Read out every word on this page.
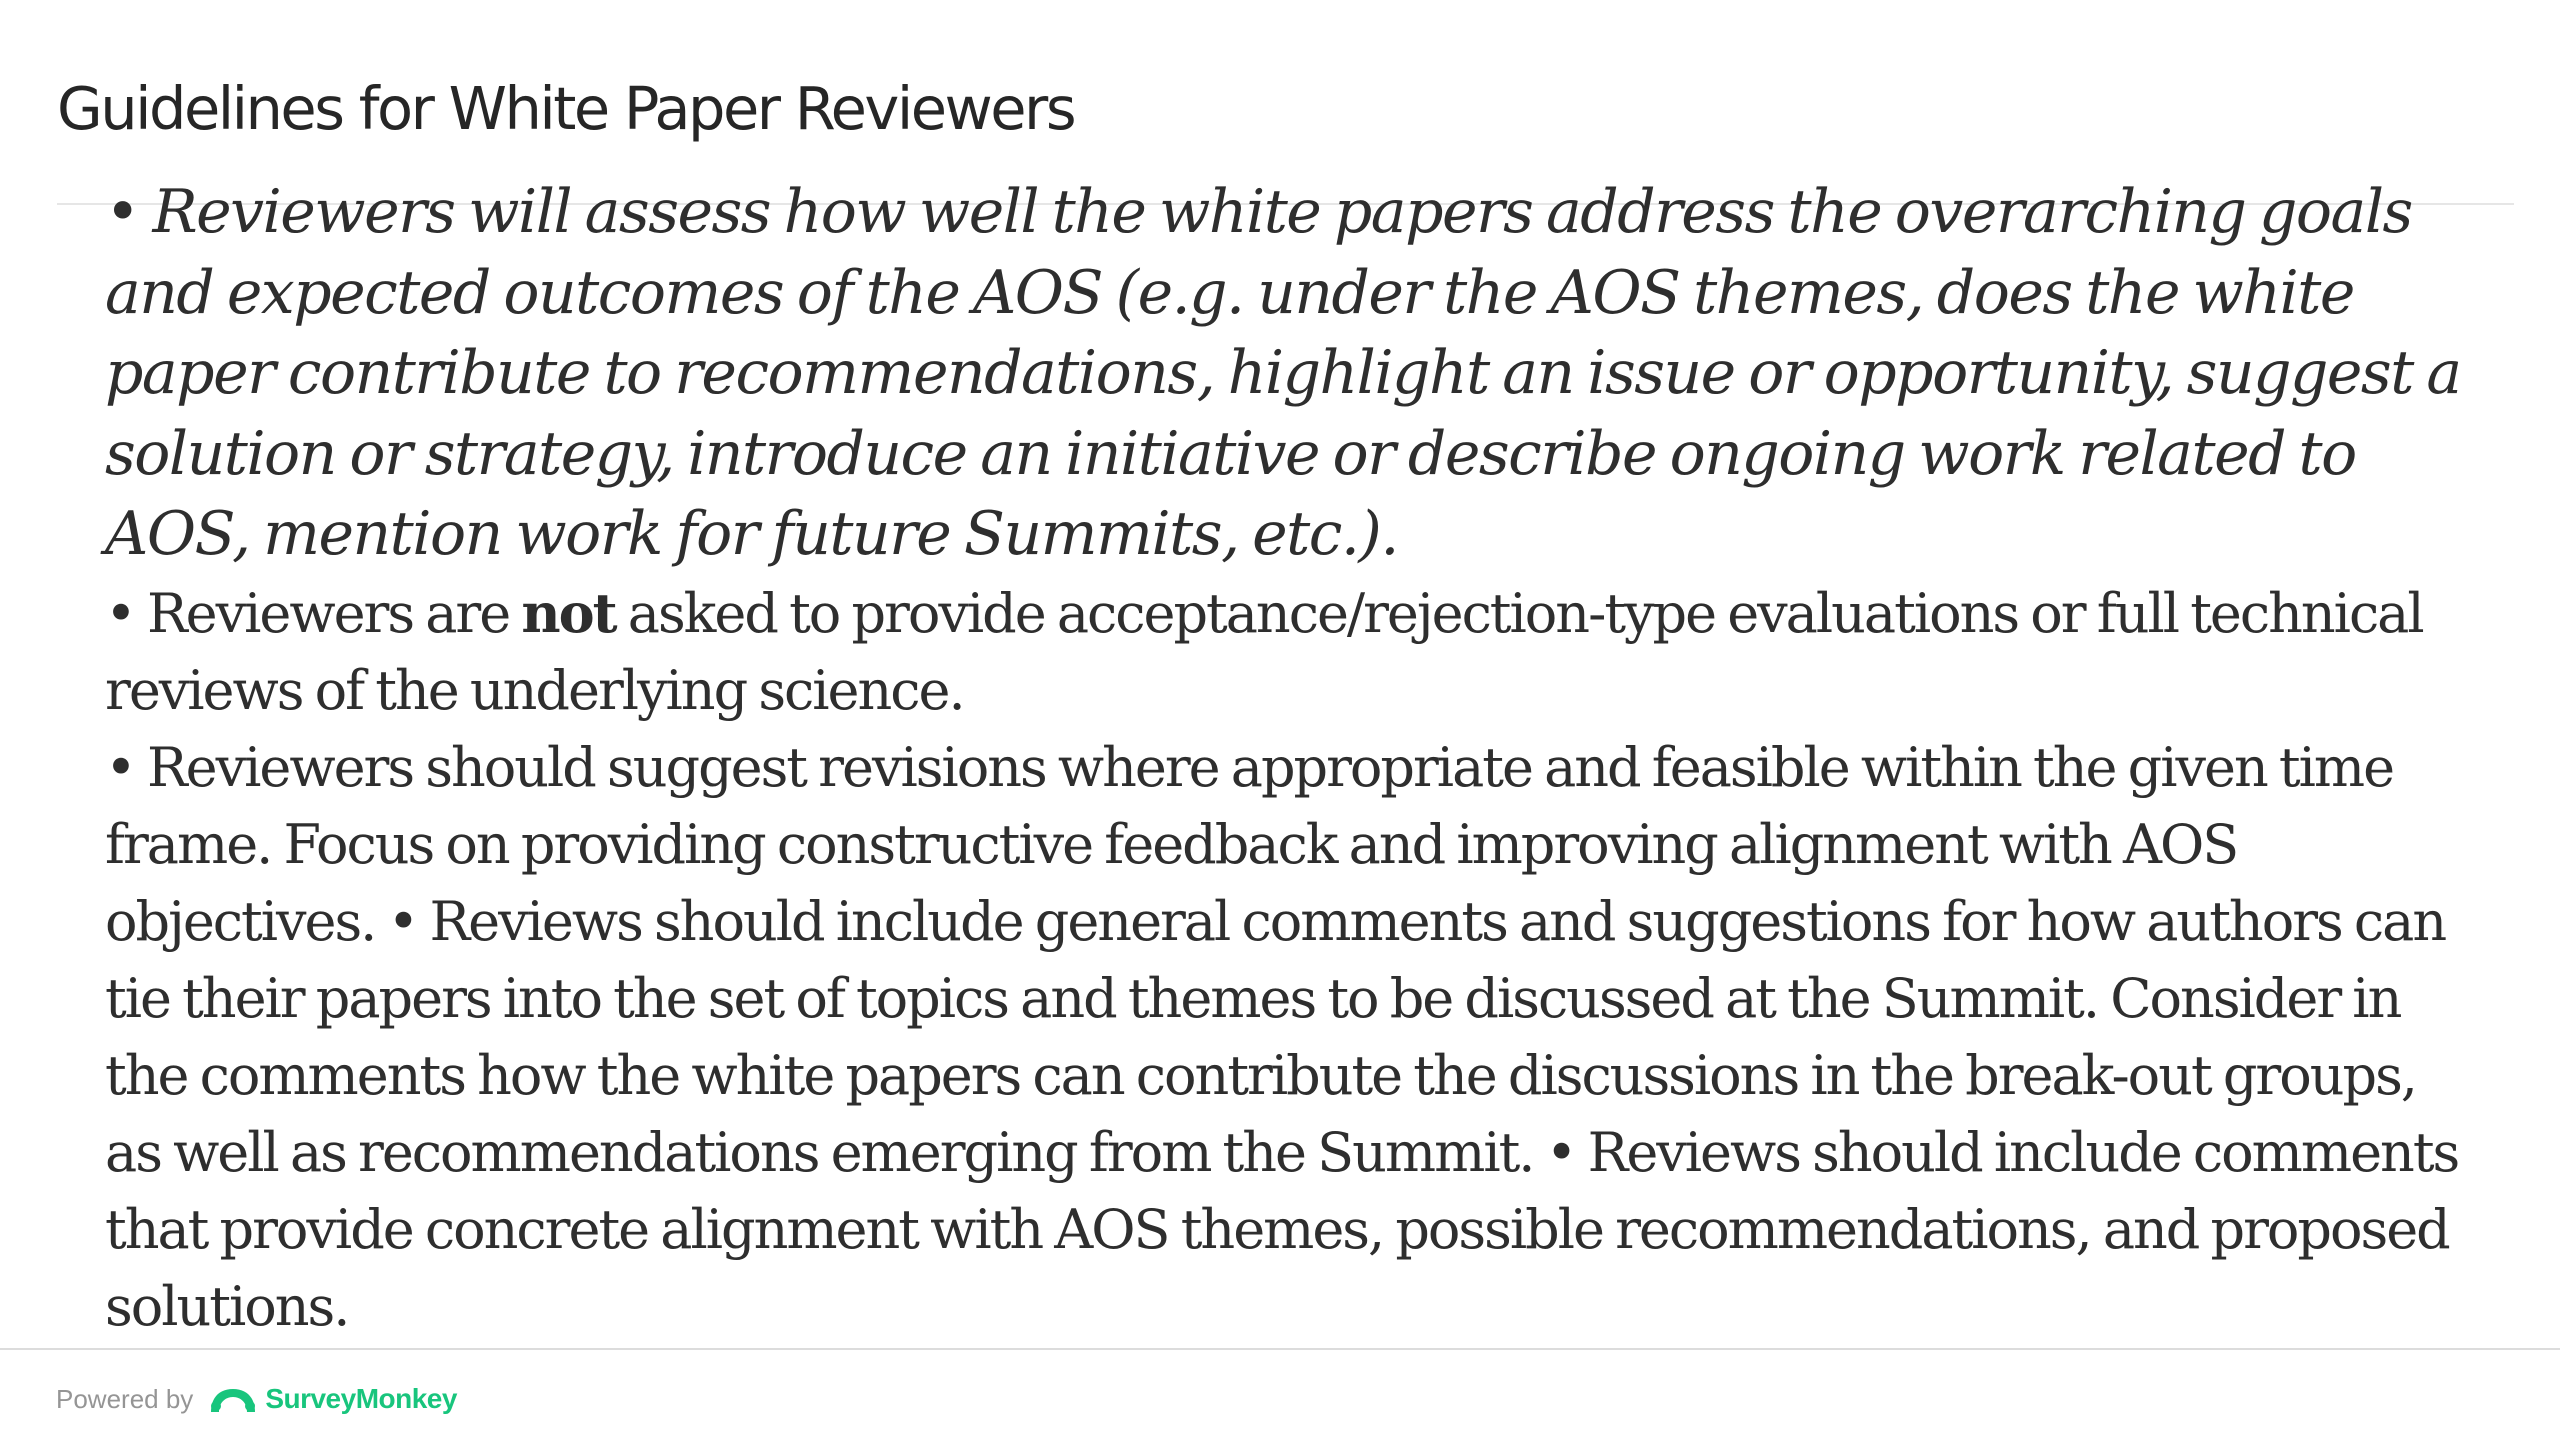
Guidelines for White Paper Reviewers

• Reviewers will assess how well the white papers address the overarching goals and expected outcomes of the AOS (e.g. under the AOS themes, does the white paper contribute to recommendations, highlight an issue or opportunity, suggest a solution or strategy, introduce an initiative or describe ongoing work related to AOS, mention work for future Summits, etc.).

• Reviewers are not asked to provide acceptance/rejection-type evaluations or full technical reviews of the underlying science.

• Reviewers should suggest revisions where appropriate and feasible within the given time frame. Focus on providing constructive feedback and improving alignment with AOS objectives. • Reviews should include general comments and suggestions for how authors can tie their papers into the set of topics and themes to be discussed at the Summit. Consider in the comments how the white papers can contribute the discussions in the break-out groups, as well as recommendations emerging from the Summit. • Reviews should include comments that provide concrete alignment with AOS themes, possible recommendations, and proposed solutions.

Powered by	SurveyMonkey
